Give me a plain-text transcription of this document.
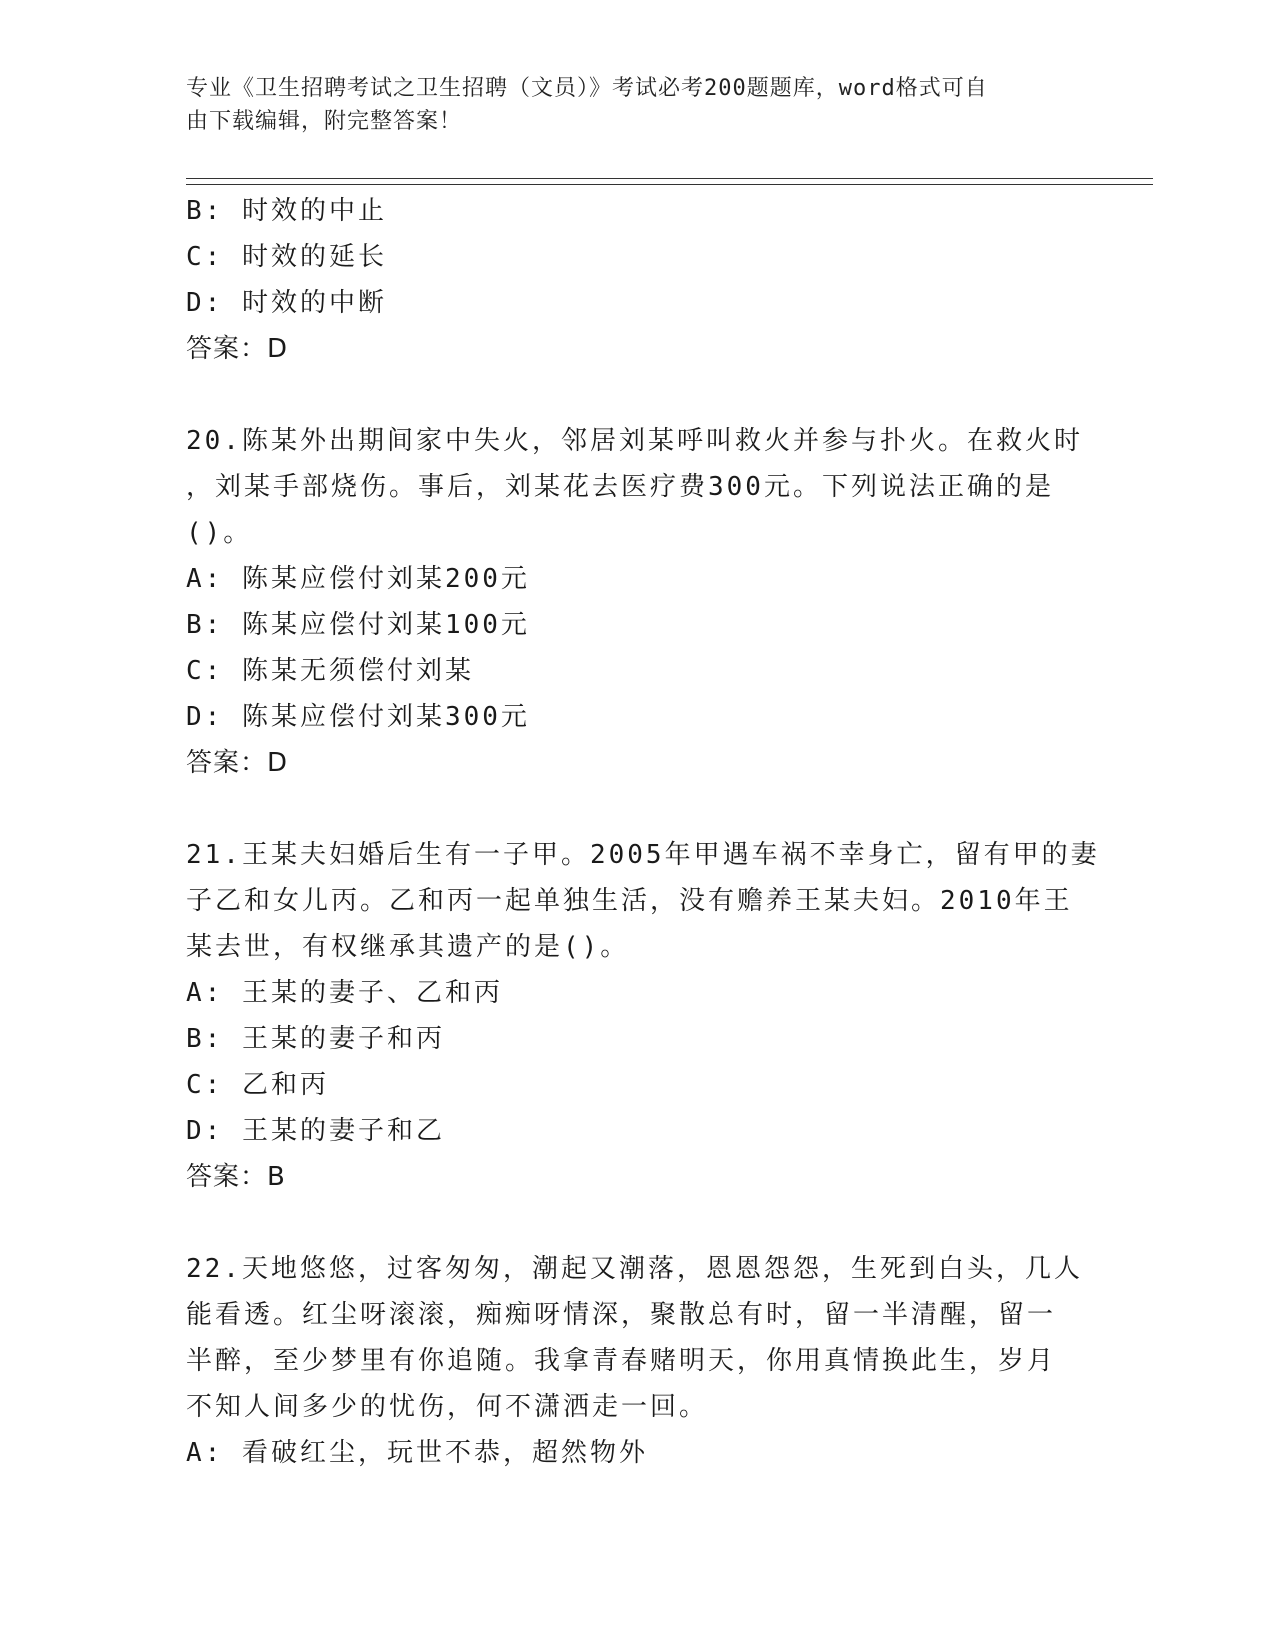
专业《卫生招聘考试之卫生招聘（文员）》考试必考200题题库，word格式可自
由下载编辑，附完整答案！
B: 时效的中止
C: 时效的延长
D: 时效的中断
答案：D
20.陈某外出期间家中失火，邻居刘某呼叫救火并参与扑火。在救火时
，刘某手部烧伤。事后，刘某花去医疗费300元。下列说法正确的是
()。
A: 陈某应偿付刘某200元
B: 陈某应偿付刘某100元
C: 陈某无须偿付刘某
D: 陈某应偿付刘某300元
答案：D
21.王某夫妇婚后生有一子甲。2005年甲遇车祸不幸身亡，留有甲的妻
子乙和女儿丙。乙和丙一起单独生活，没有赡养王某夫妇。2010年王
某去世，有权继承其遗产的是()。
A: 王某的妻子、乙和丙
B: 王某的妻子和丙
C: 乙和丙
D: 王某的妻子和乙
答案：B
22.天地悠悠，过客匆匆，潮起又潮落，恩恩怨怨，生死到白头，几人
能看透。红尘呀滚滚，痴痴呀情深，聚散总有时，留一半清醒，留一
半醉，至少梦里有你追随。我拿青春赌明天，你用真情换此生，岁月
不知人间多少的忧伤，何不潇洒走一回。
A: 看破红尘，玩世不恭，超然物外
